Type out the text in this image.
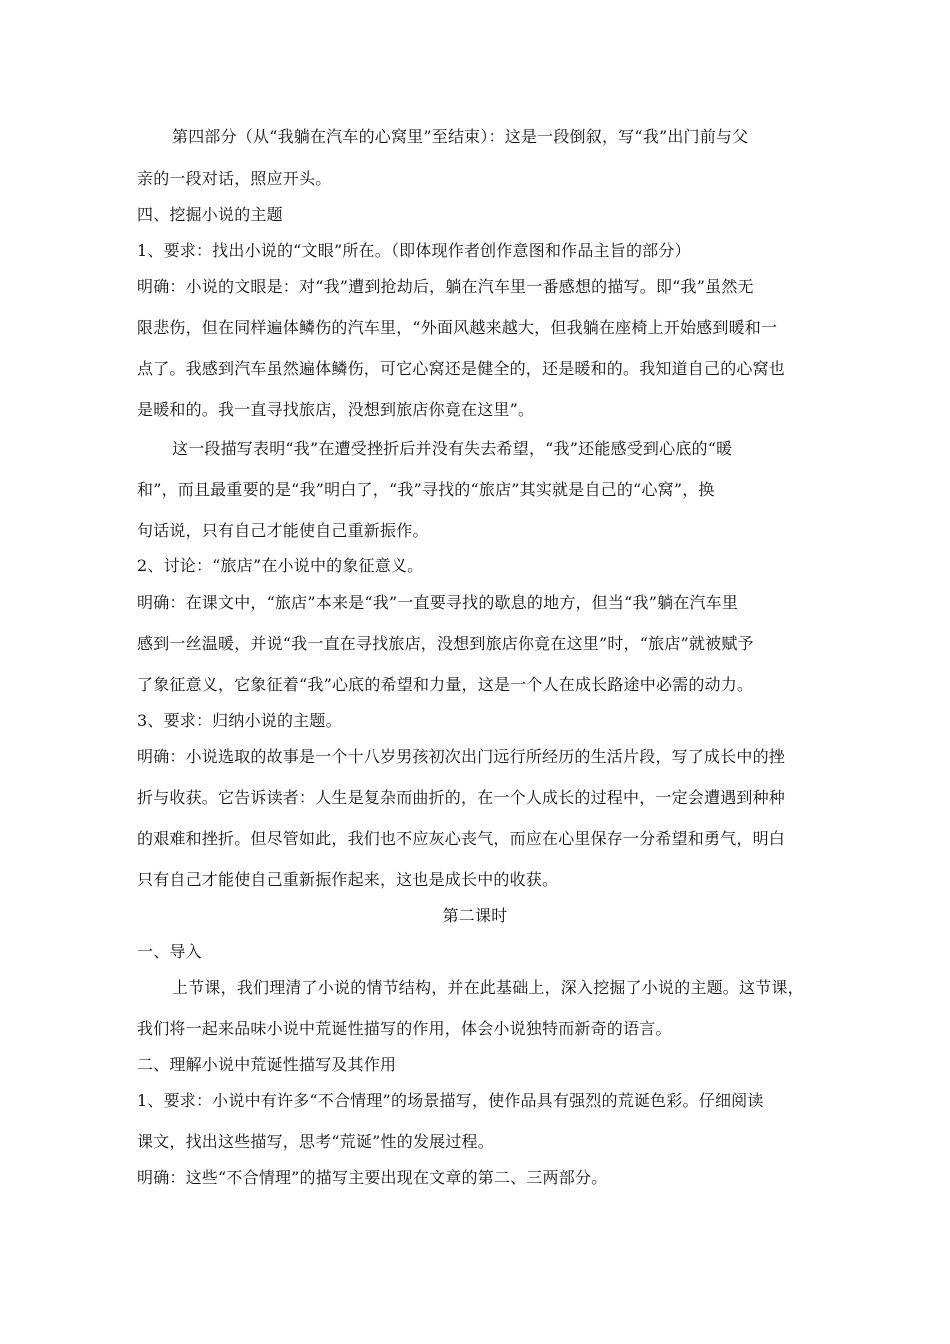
第四部分（从“我躺在汽车的心窝里”至结束）：这是一段倒叙，写“我”出门前与父
亲的一段对话，照应开头。
四、挖掘小说的主题
1、要求：找出小说的“文眼”所在。（即体现作者创作意图和作品主旨的部分）
明确：小说的文眼是：对“我”遭到抢劫后，躺在汽车里一番感想的描写。即“我”虽然无
限悲伤，但在同样遍体鳞伤的汽车里，“外面风越来越大，但我躺在座椅上开始感到暖和一
点了。我感到汽车虽然遍体鳞伤，可它心窝还是健全的，还是暖和的。我知道自己的心窝也
是暖和的。我一直寻找旅店，没想到旅店你竟在这里”。
这一段描写表明“我”在遭受挫折后并没有失去希望，“我”还能感受到心底的“暖
和”，而且最重要的是“我”明白了，“我”寻找的“旅店”其实就是自己的“心窝”，换
句话说，只有自己才能使自己重新振作。
2、讨论：“旅店”在小说中的象征意义。
明确：在课文中，“旅店”本来是“我”一直要寻找的歇息的地方，但当“我”躺在汽车里
感到一丝温暖，并说“我一直在寻找旅店，没想到旅店你竟在这里”时，“旅店”就被赋予
了象征意义，它象征着“我”心底的希望和力量，这是一个人在成长路途中必需的动力。
3、要求：归纳小说的主题。
明确：小说选取的故事是一个十八岁男孩初次出门远行所经历的生活片段，写了成长中的挫
折与收获。它告诉读者：人生是复杂而曲折的，在一个人成长的过程中，一定会遭遇到种种
的艰难和挫折。但尽管如此，我们也不应灰心丧气，而应在心里保存一分希望和勇气，明白
只有自己才能使自己重新振作起来，这也是成长中的收获。
第二课时
一、导入
上节课，我们理清了小说的情节结构，并在此基础上，深入挖掘了小说的主题。这节课，
我们将一起来品味小说中荒诞性描写的作用，体会小说独特而新奇的语言。
二、理解小说中荒诞性描写及其作用
1、要求：小说中有许多“不合情理”的场景描写，使作品具有强烈的荒诞色彩。仔细阅读
课文，找出这些描写，思考“荒诞”性的发展过程。
明确：这些“不合情理”的描写主要出现在文章的第二、三两部分。
